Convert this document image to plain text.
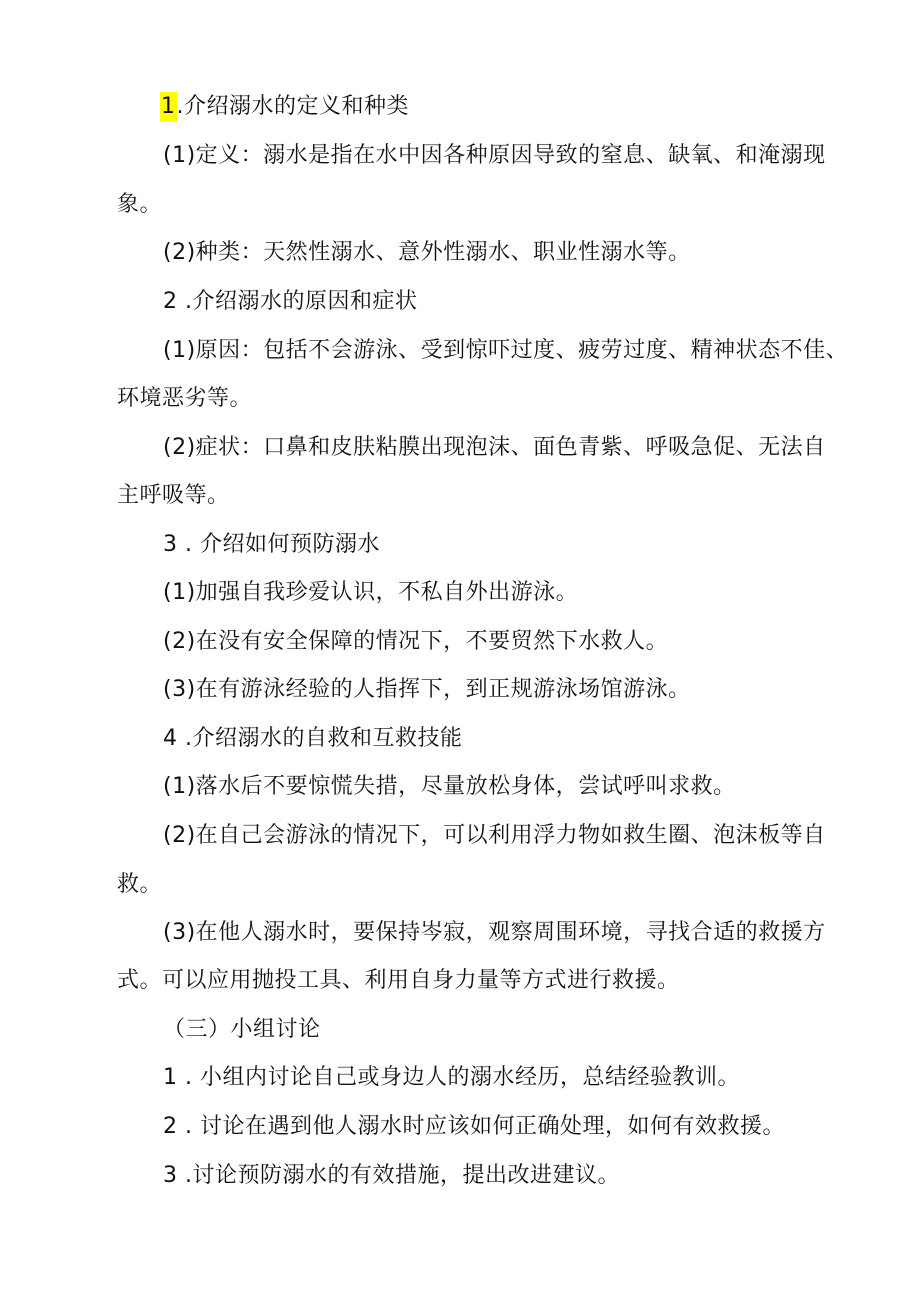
1.介绍溺水的定义和种类
(1)定义：溺水是指在水中因各种原因导致的窒息、缺氧、和淹溺现
象。
(2)种类：天然性溺水、意外性溺水、职业性溺水等。
2 .介绍溺水的原因和症状
(1)原因：包括不会游泳、受到惊吓过度、疲劳过度、精神状态不佳、
环境恶劣等。
(2)症状：口鼻和皮肤粘膜出现泡沫、面色青紫、呼吸急促、无法自
主呼吸等。
3 . 介绍如何预防溺水
(1)加强自我珍爱认识，不私自外出游泳。
(2)在没有安全保障的情况下，不要贸然下水救人。
(3)在有游泳经验的人指挥下，到正规游泳场馆游泳。
4 .介绍溺水的自救和互救技能
(1)落水后不要惊慌失措，尽量放松身体，尝试呼叫求救。
(2)在自己会游泳的情况下，可以利用浮力物如救生圈、泡沫板等自
救。
(3)在他人溺水时，要保持岑寂，观察周围环境，寻找合适的救援方
式。可以应用抛投工具、利用自身力量等方式进行救援。
（三）小组讨论
1 . 小组内讨论自己或身边人的溺水经历，总结经验教训。
2 . 讨论在遇到他人溺水时应该如何正确处理，如何有效救援。
3 .讨论预防溺水的有效措施，提出改进建议。
